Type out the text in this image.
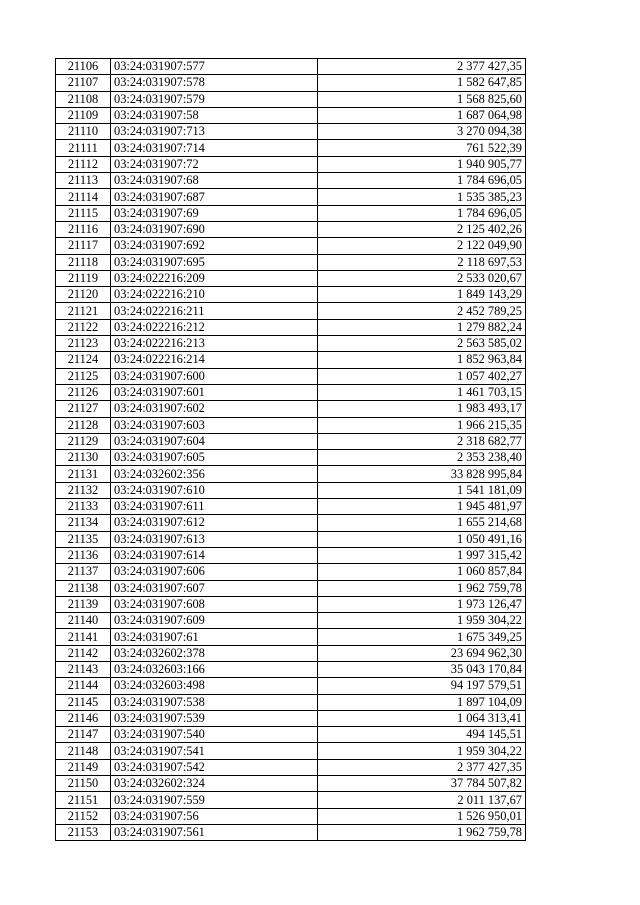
21106	03:24:031907:577	2 377 427,35
21107	03:24:031907:578	1 582 647,85
21108	03:24:031907:579	1 568 825,60
21109	03:24:031907:58	1 687 064,98
21110	03:24:031907:713	3 270 094,38
21111	03:24:031907:714	761 522,39
21112	03:24:031907:72	1 940 905,77
21113	03:24:031907:68	1 784 696,05
21114	03:24:031907:687	1 535 385,23
21115	03:24:031907:69	1 784 696,05
21116	03:24:031907:690	2 125 402,26
21117	03:24:031907:692	2 122 049,90
21118	03:24:031907:695	2 118 697,53
21119	03:24:022216:209	2 533 020,67
21120	03:24:022216:210	1 849 143,29
21121	03:24:022216:211	2 452 789,25
21122	03:24:022216:212	1 279 882,24
21123	03:24:022216:213	2 563 585,02
21124	03:24:022216:214	1 852 963,84
21125	03:24:031907:600	1 057 402,27
21126	03:24:031907:601	1 461 703,15
21127	03:24:031907:602	1 983 493,17
21128	03:24:031907:603	1 966 215,35
21129	03:24:031907:604	2 318 682,77
21130	03:24:031907:605	2 353 238,40
21131	03:24:032602:356	33 828 995,84
21132	03:24:031907:610	1 541 181,09
21133	03:24:031907:611	1 945 481,97
21134	03:24:031907:612	1 655 214,68
21135	03:24:031907:613	1 050 491,16
21136	03:24:031907:614	1 997 315,42
21137	03:24:031907:606	1 060 857,84
21138	03:24:031907:607	1 962 759,78
21139	03:24:031907:608	1 973 126,47
21140	03:24:031907:609	1 959 304,22
21141	03:24:031907:61	1 675 349,25
21142	03:24:032602:378	23 694 962,30
21143	03:24:032603:166	35 043 170,84
21144	03:24:032603:498	94 197 579,51
21145	03:24:031907:538	1 897 104,09
21146	03:24:031907:539	1 064 313,41
21147	03:24:031907:540	494 145,51
21148	03:24:031907:541	1 959 304,22
21149	03:24:031907:542	2 377 427,35
21150	03:24:032602:324	37 784 507,82
21151	03:24:031907:559	2 011 137,67
21152	03:24:031907:56	1 526 950,01
21153	03:24:031907:561	1 962 759,78
